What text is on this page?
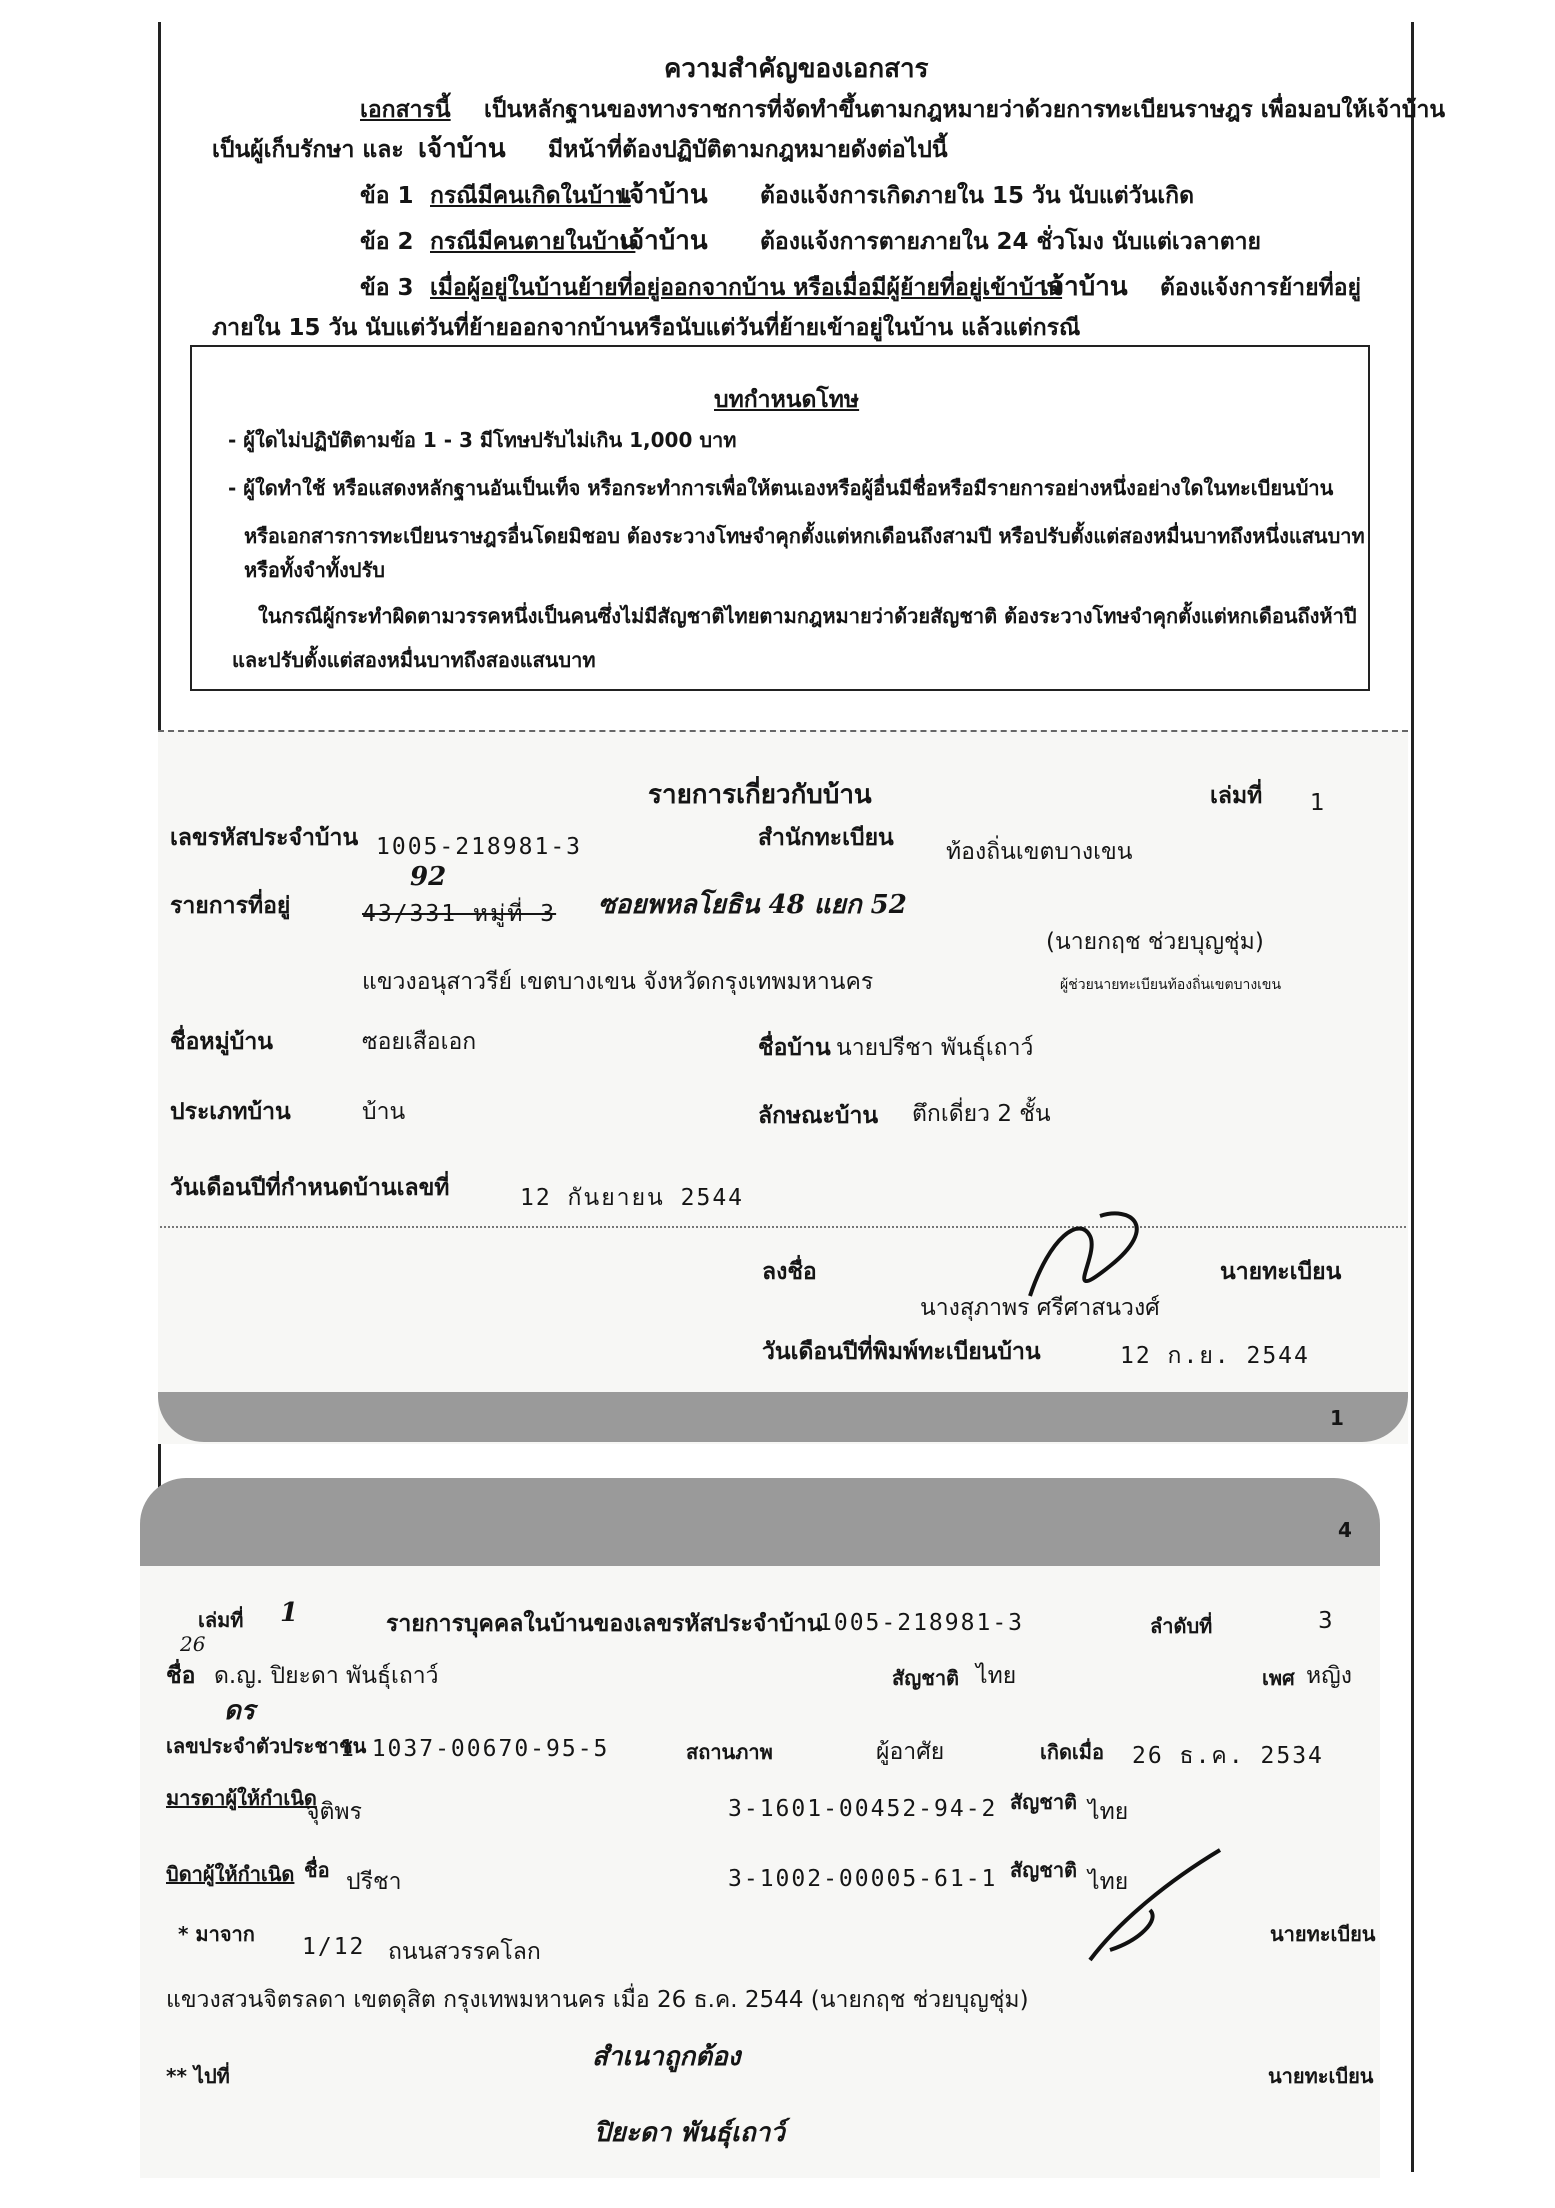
ความสำคัญของเอกสาร
เอกสารนี้ เป็นหลักฐานของทางราชการที่จัดทำขึ้นตามกฎหมายว่าด้วยการทะเบียนราษฎร เพื่อมอบให้เจ้าบ้าน
เป็นผู้เก็บรักษา และ เจ้าบ้าน มีหน้าที่ต้องปฏิบัติตามกฎหมายดังต่อไปนี้
ข้อ 1 กรณีมีคนเกิดในบ้าน
เจ้าบ้าน ต้องแจ้งการเกิดภายใน 15 วัน นับแต่วันเกิด
ข้อ 2 กรณีมีคนตายในบ้าน
เจ้าบ้าน ต้องแจ้งการตายภายใน 24 ชั่วโมง นับแต่เวลาตาย
ข้อ 3 เมื่อผู้อยู่ในบ้านย้ายที่อยู่ออกจากบ้าน หรือเมื่อมีผู้ย้ายที่อยู่เข้าบ้าน
เจ้าบ้าน ต้องแจ้งการย้ายที่อยู่
ภายใน 15 วัน นับแต่วันที่ย้ายออกจากบ้านหรือนับแต่วันที่ย้ายเข้าอยู่ในบ้าน แล้วแต่กรณี
บทกำหนดโทษ
- ผู้ใดไม่ปฏิบัติตามข้อ 1 - 3 มีโทษปรับไม่เกิน 1,000 บาท
- ผู้ใดทำใช้ หรือแสดงหลักฐานอันเป็นเท็จ หรือกระทำการเพื่อให้ตนเองหรือผู้อื่นมีชื่อหรือมีรายการอย่างหนึ่งอย่างใดในทะเบียนบ้าน
หรือเอกสารการทะเบียนราษฎรอื่นโดยมิชอบ ต้องระวางโทษจำคุกตั้งแต่หกเดือนถึงสามปี หรือปรับตั้งแต่สองหมื่นบาทถึงหนึ่งแสนบาท
หรือทั้งจำทั้งปรับ
ในกรณีผู้กระทำผิดตามวรรคหนึ่งเป็นคนซึ่งไม่มีสัญชาติไทยตามกฎหมายว่าด้วยสัญชาติ ต้องระวางโทษจำคุกตั้งแต่หกเดือนถึงห้าปี
และปรับตั้งแต่สองหมื่นบาทถึงสองแสนบาท
รายการเกี่ยวกับบ้าน	เล่มที่ 1
เลขรหัสประจำบ้าน 1005-218981-3	สำนักทะเบียน
ท้องถิ่นเขตบางเขน
92
รายการที่อยู่	43/331 หมู่ที่ 3 ซอยพหลโยธิน 48 แยก 52
(นายกฤช ช่วยบุญชุ่ม)
ผู้ช่วยนายทะเบียนท้องถิ่นเขตบางเขน
แขวงอนุสาวรีย์ เขตบางเขน จังหวัดกรุงเทพมหานคร
ชื่อหมู่บ้าน	ซอยเสือเอก	ชื่อบ้าน นายปรีชา พันธุ์เถาว์
ประเภทบ้าน	บ้าน	ลักษณะบ้าน ตึกเดี่ยว 2 ชั้น
วันเดือนปีที่กำหนดบ้านเลขที่	12 กันยายน 2544
ลงชื่อ	นายทะเบียน
นางสุภาพร ศรีศาสนวงศ์
วันเดือนปีที่พิมพ์ทะเบียนบ้าน	12 ก.ย. 2544
1
4
เล่มที่ 1	รายการบุคคลในบ้านของเลขรหัสประจำบ้าน
1005-218981-3	ลำดับที่	3
26
ชื่อ ด.ญ. ปิยะดา พันธุ์เถาว์	สัญชาติ ไทย	เพศ หญิง
ดร
เลขประจำตัวประชาชน
1-1037-00670-95-5	สถานภาพ	ผู้อาศัย	เกิดเมื่อ 26 ธ.ค. 2534
มารดาผู้ให้กำเนิด
จุติพร	3-1601-00452-94-2 สัญชาติ ไทย
บิดาผู้ให้กำเนิด ชื่อ ปรีชา	3-1002-00005-61-1 สัญชาติ ไทย
* มาจาก 1/12 ถนนสวรรคโลก
นายทะเบียน
แขวงสวนจิตรลดา เขตดุสิต กรุงเทพมหานคร เมื่อ 26 ธ.ค. 2544 (นายกฤช ช่วยบุญชุ่ม)
** ไปที่
สำเนาถูกต้อง
นายทะเบียน
ปิยะดา พันธุ์เถาว์
